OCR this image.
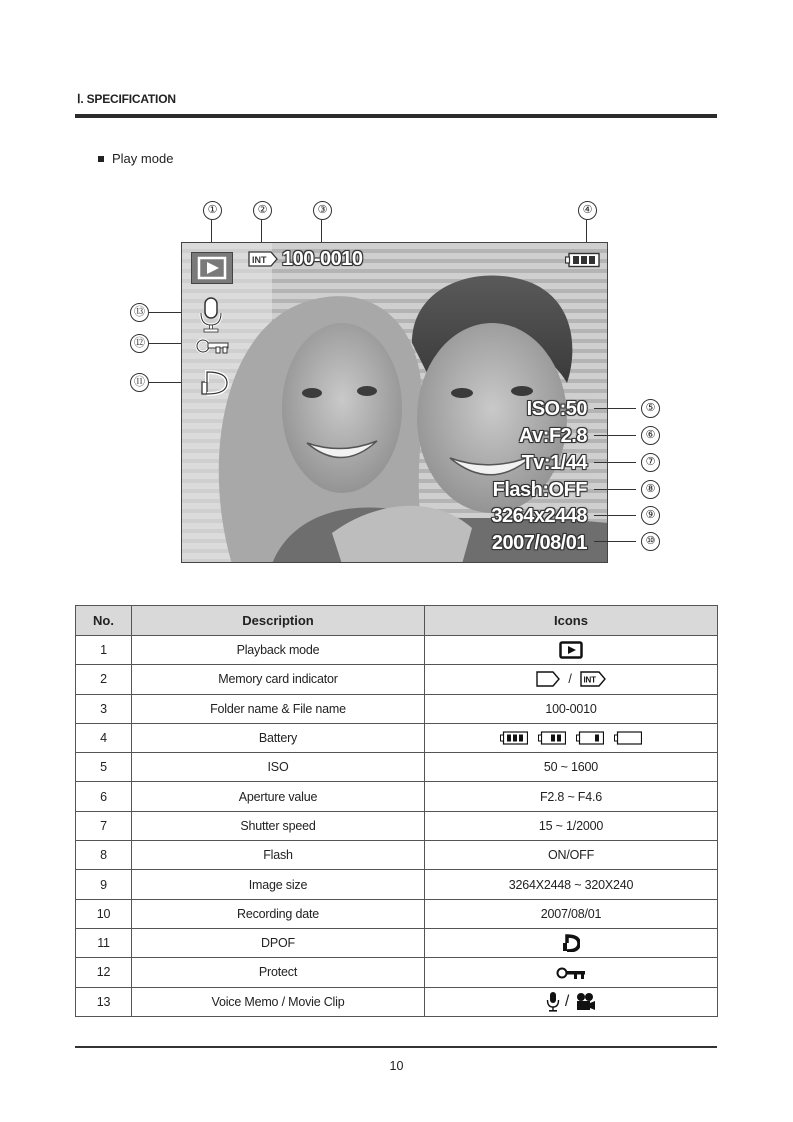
Ⅰ. SPECIFICATION
Play mode
①	②	③	④
⑬
⑫
⑪
INT 100-0010
ISO:50
Av:F2.8
Tv:1/44
Flash:OFF
3264x2448
2007/08/01
⑤
⑥
⑦
⑧
⑨
⑩
No.	Description	Icons
1	Playback mode	
2	Memory card indicator	/ INT

3	Folder name & File name	100-0010
4	Battery	

5	ISO	50 ~ 1600
6	Aperture value	F2.8 ~ F4.6
7	Shutter speed	15 ~ 1/2000
8	Flash	ON/OFF
9	Image size	3264X2448 ~ 320X240
10	Recording date	2007/08/01
11	DPOF	
12	Protect	
13	Voice Memo / Movie Clip	/
10
